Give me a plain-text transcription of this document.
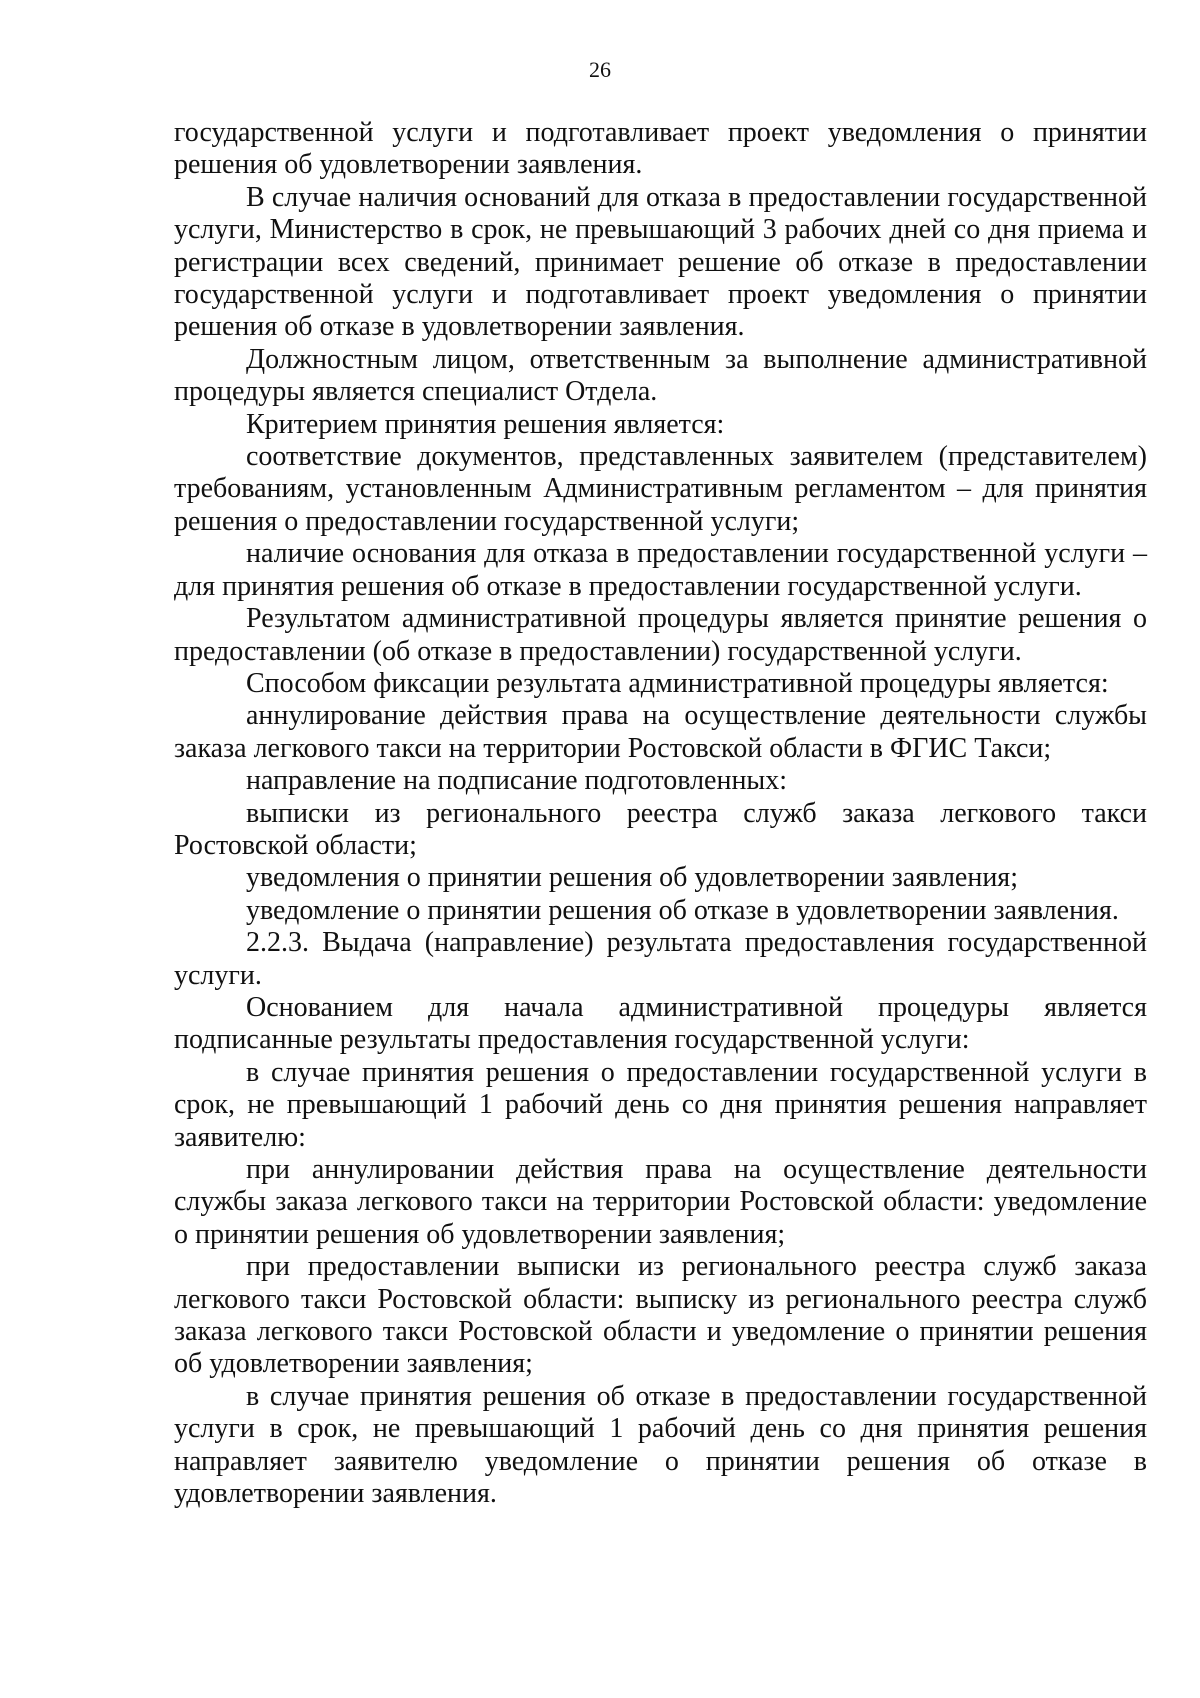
26

государственной услуги и подготавливает проект уведомления о принятии решения об удовлетворении заявления.

В случае наличия оснований для отказа в предоставлении государственной услуги, Министерство в срок, не превышающий 3 рабочих дней со дня приема и регистрации всех сведений, принимает решение об отказе в предоставлении государственной услуги и подготавливает проект уведомления о принятии решения об отказе в удовлетворении заявления.

Должностным лицом, ответственным за выполнение административной процедуры является специалист Отдела.

Критерием принятия решения является:

соответствие документов, представленных заявителем (представителем) требованиям, установленным Административным регламентом – для принятия решения о предоставлении государственной услуги;

наличие основания для отказа в предоставлении государственной услуги – для принятия решения об отказе в предоставлении государственной услуги.

Результатом административной процедуры является принятие решения о предоставлении (об отказе в предоставлении) государственной услуги.

Способом фиксации результата административной процедуры является:

аннулирование действия права на осуществление деятельности службы заказа легкового такси на территории Ростовской области в ФГИС Такси;

направление на подписание подготовленных:

выписки из регионального реестра служб заказа легкового такси Ростовской области;

уведомления о принятии решения об удовлетворении заявления;

уведомление о принятии решения об отказе в удовлетворении заявления.

2.2.3. Выдача (направление) результата предоставления государственной услуги.

Основанием для начала административной процедуры является подписанные результаты предоставления государственной услуги:

в случае принятия решения о предоставлении государственной услуги в срок, не превышающий 1 рабочий день со дня принятия решения направляет заявителю:

при аннулировании действия права на осуществление деятельности службы заказа легкового такси на территории Ростовской области: уведомление о принятии решения об удовлетворении заявления;

при предоставлении выписки из регионального реестра служб заказа легкового такси Ростовской области: выписку из регионального реестра служб заказа легкового такси Ростовской области и уведомление о принятии решения об удовлетворении заявления;

в случае принятия решения об отказе в предоставлении государственной услуги в срок, не превышающий 1 рабочий день со дня принятия решения направляет заявителю уведомление о принятии решения об отказе в удовлетворении заявления.
